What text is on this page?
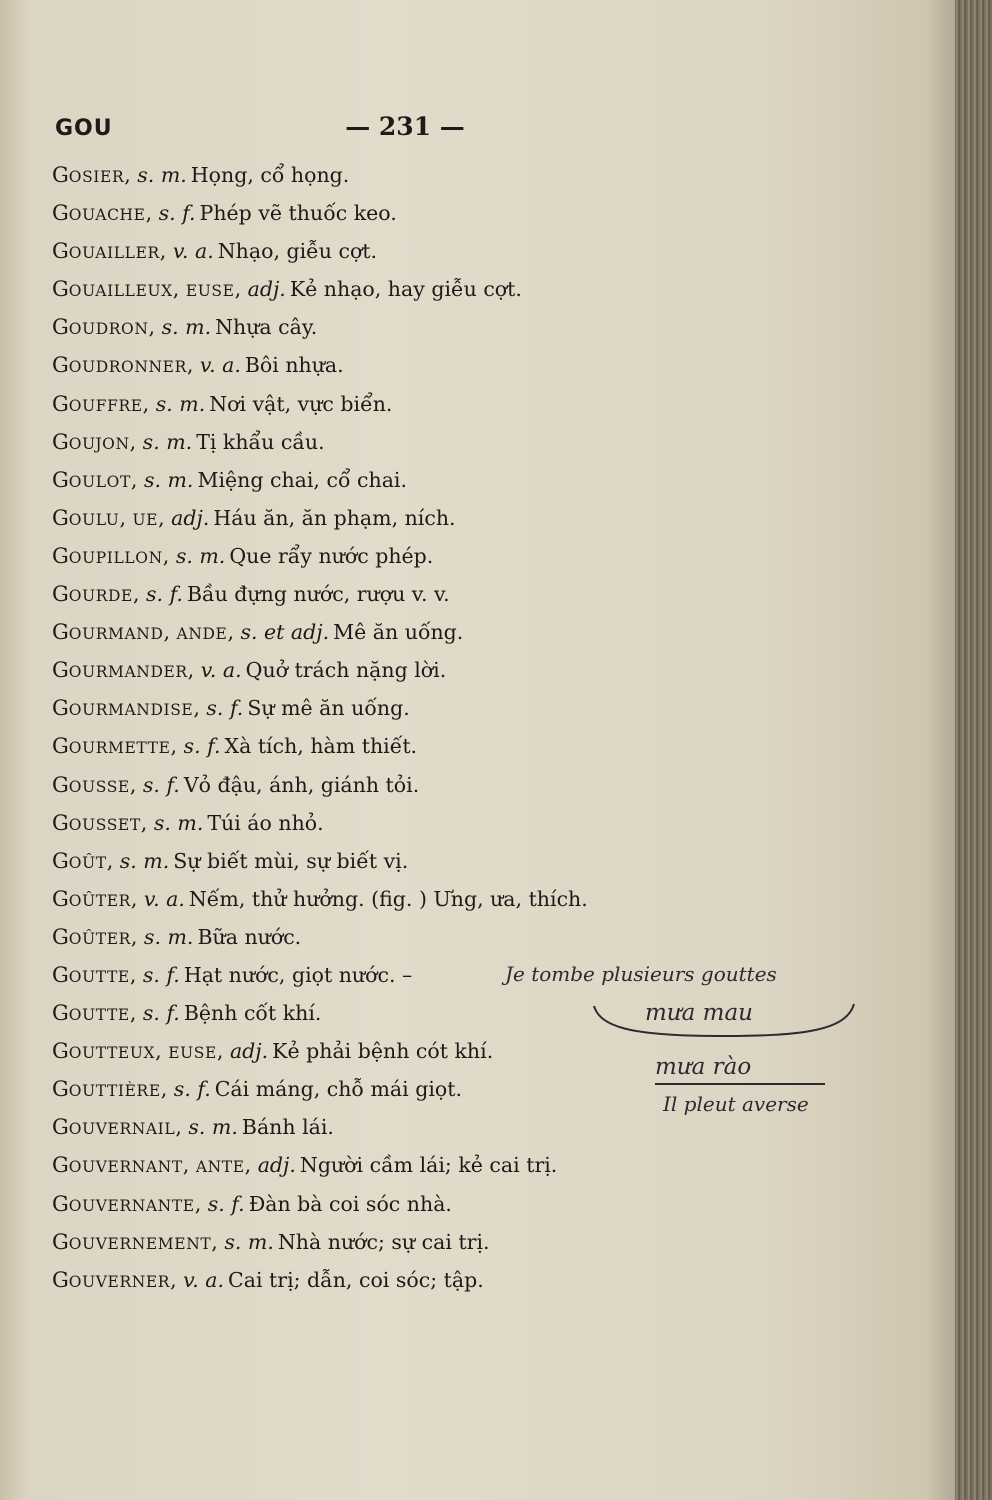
GOU	— 231 —
GOSIER, s. m. Họng, cổ họng.
GOUACHE, s. f. Phép vẽ thuốc keo.
GOUAILLER, v. a. Nhạo, giễu cợt.
GOUAILLEUX, EUSE, adj. Kẻ nhạo, hay giễu cợt.
GOUDRON, s. m. Nhựa cây.
GOUDRONNER, v. a. Bôi nhựa.
GOUFFRE, s. m. Nơi vật, vực biển.
GOUJON, s. m. Tị khẩu cầu.
GOULOT, s. m. Miệng chai, cổ chai.
GOULU, UE, adj. Háu ăn, ăn phạm, ních.
GOUPILLON, s. m. Que rẩy nước phép.
GOURDE, s. f. Bầu đựng nước, rượu v. v.
GOURMAND, ANDE, s. et adj. Mê ăn uống.
GOURMANDER, v. a. Quở trách nặng lời.
GOURMANDISE, s. f. Sự mê ăn uống.
GOURMETTE, s. f. Xà tích, hàm thiết.
GOUSSE, s. f. Vỏ đậu, ánh, giánh tỏi.
GOUSSET, s. m. Túi áo nhỏ.
GOÛT, s. m. Sự biết mùi, sự biết vị.
GOÛTER, v. a. Nếm, thử hưởng. (fig. ) Ưng, ưa, thích.
GOÛTER, s. m. Bữa nước.
GOUTTE, s. f. Hạt nước, giọt nước. –
GOUTTE, s. f. Bệnh cốt khí.
GOUTTEUX, EUSE, adj. Kẻ phải bệnh cót khí.
GOUTTIÈRE, s. f. Cái máng, chỗ mái giọt.
GOUVERNAIL, s. m. Bánh lái.
GOUVERNANT, ANTE, adj. Người cầm lái; kẻ cai trị.
GOUVERNANTE, s. f. Đàn bà coi sóc nhà.
GOUVERNEMENT, s. m. Nhà nước; sự cai trị.
GOUVERNER, v. a. Cai trị; dẫn, coi sóc; tập.
Je tombe plusieurs gouttes
mưa mau
mưa rào
Il pleut averse
